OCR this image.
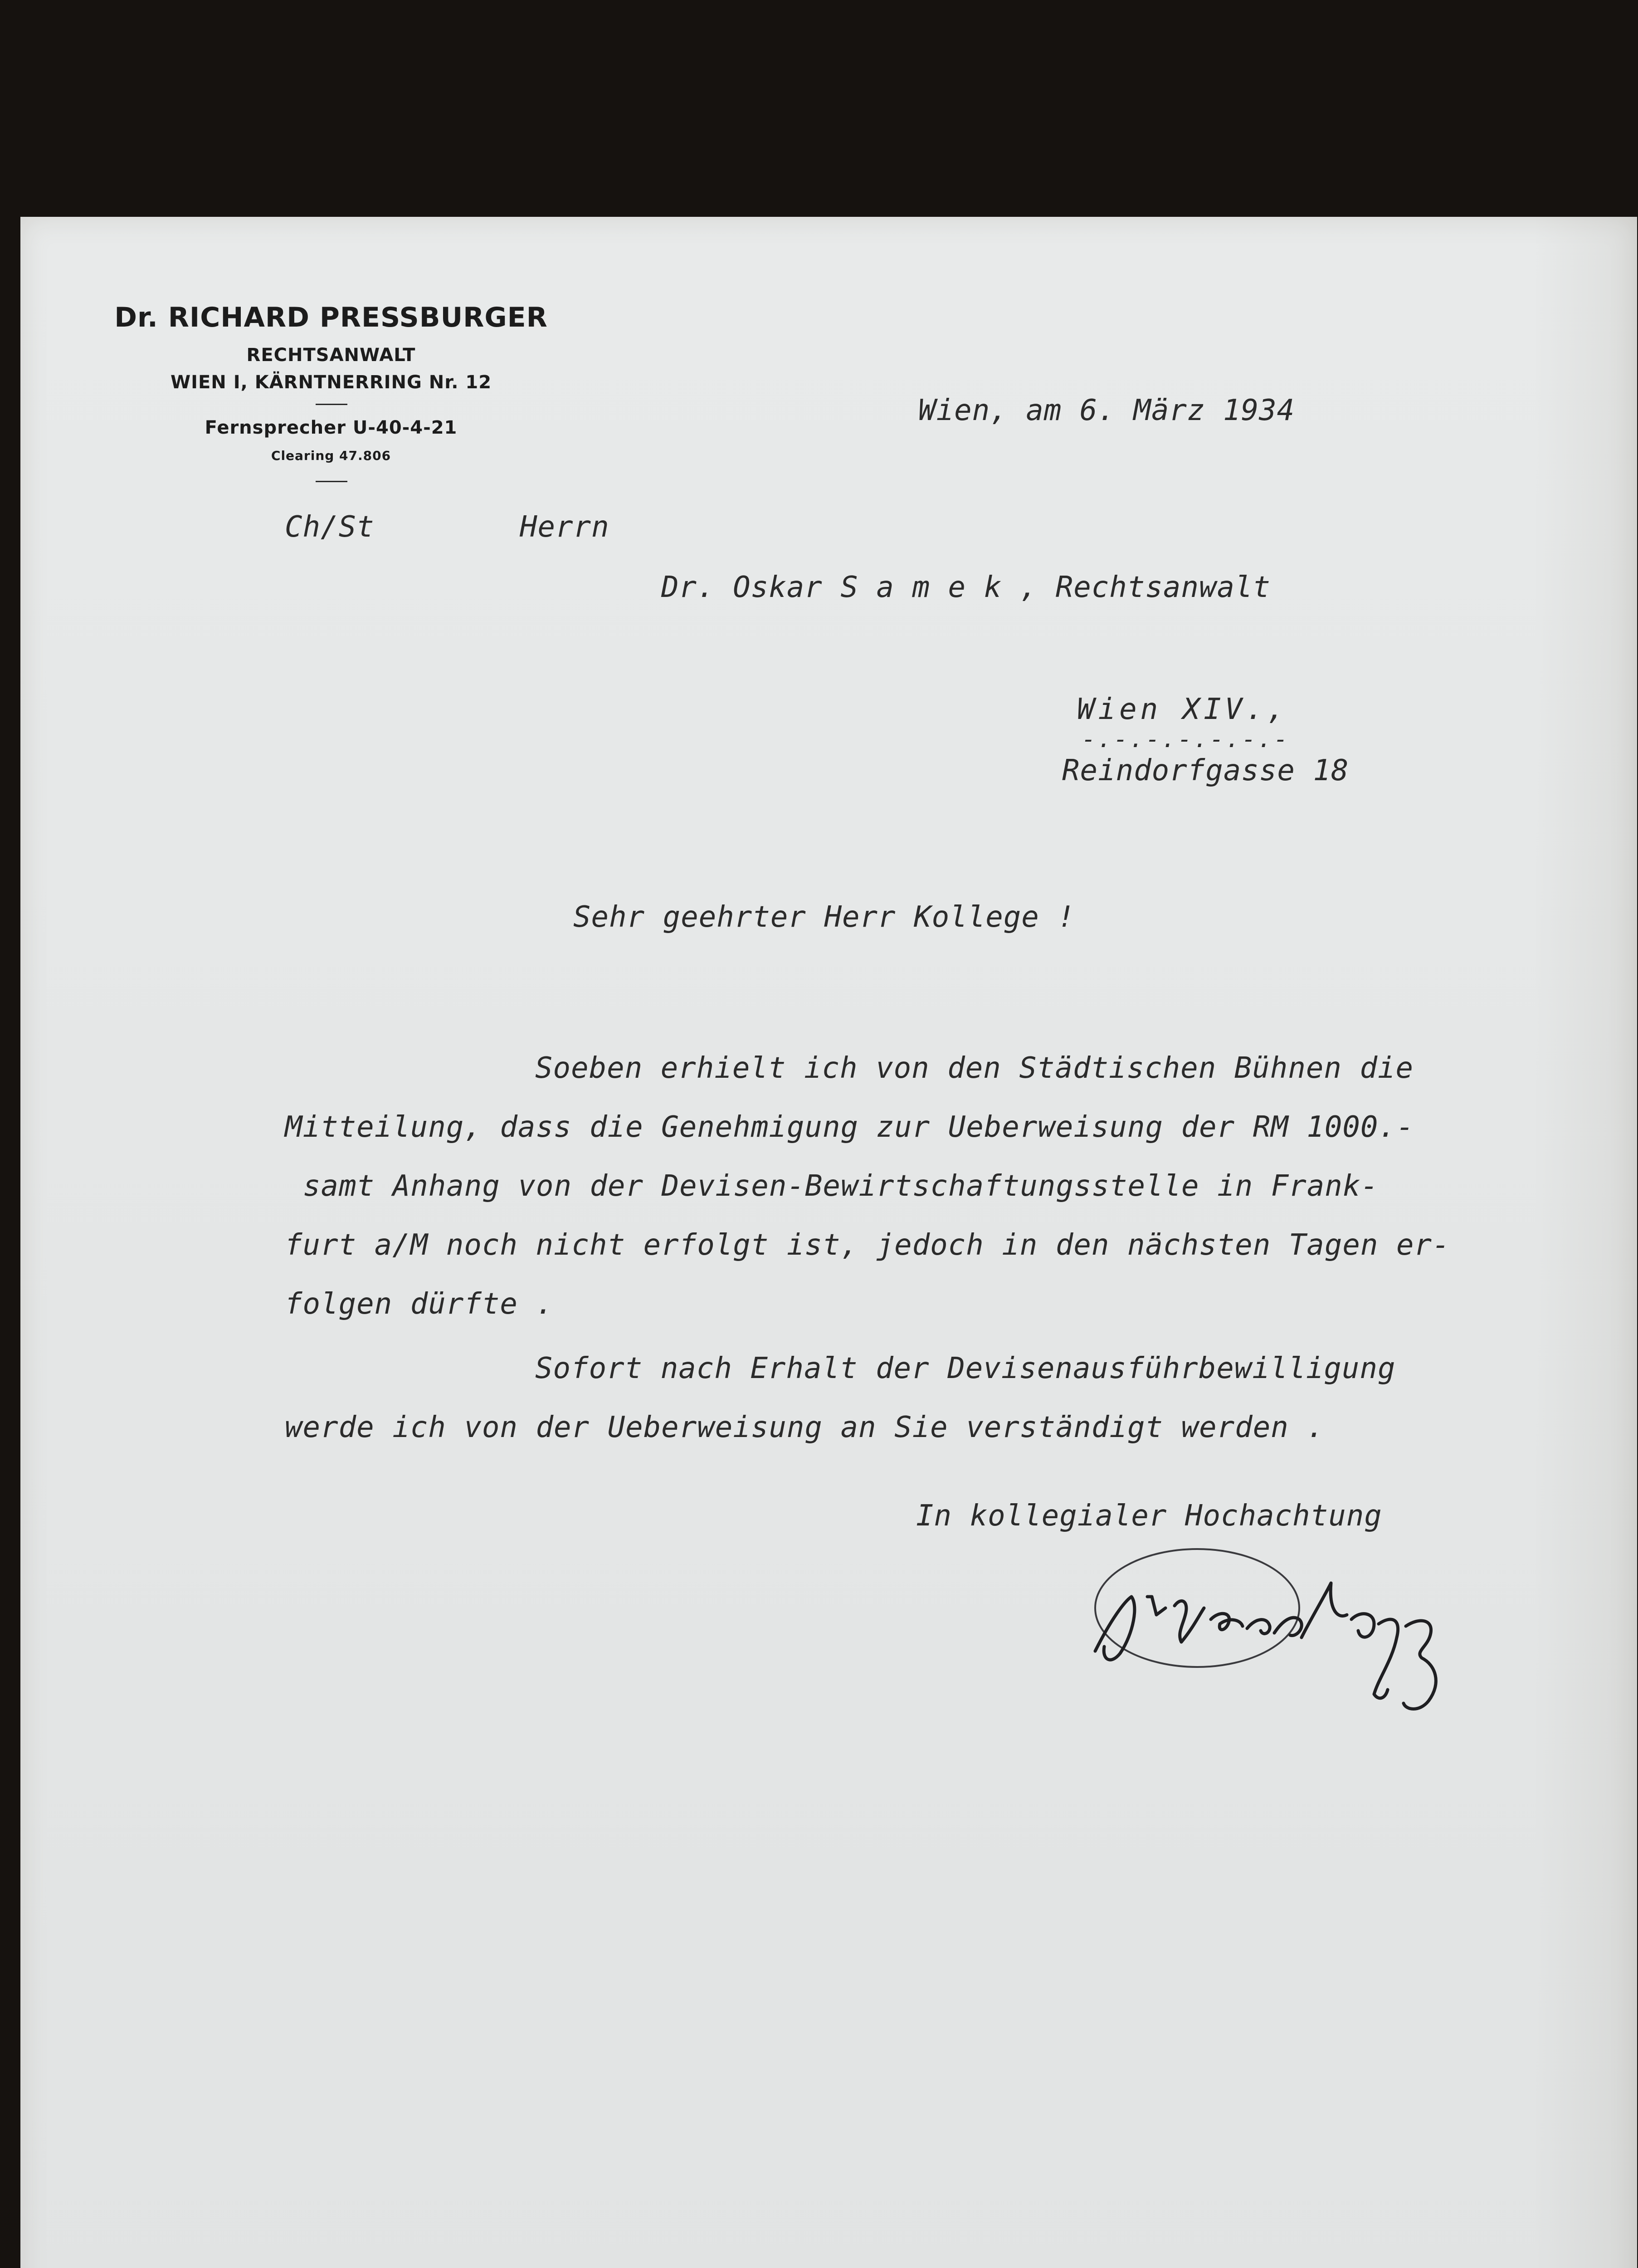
Dr. RICHARD PRESSBURGER
RECHTSANWALT
WIEN I, KÄRNTNERRING Nr. 12
Fernsprecher U-40-4-21
Clearing 47.806
Wien, am 6. März 1934
Ch/St	Herrn
Dr. Oskar S a m e k , Rechtsanwalt
Wien XIV.,
-.-.-.-.-.-.-
Reindorfgasse 18
Sehr geehrter Herr Kollege !
Soeben erhielt ich von den Städtischen Bühnen die
Mitteilung, dass die Genehmigung zur Ueberweisung der RM 1000.-
samt Anhang von der Devisen-Bewirtschaftungsstelle in Frank-
furt a/M noch nicht erfolgt ist, jedoch in den nächsten Tagen er-
folgen dürfte .
Sofort nach Erhalt der Devisenausführbewilligung
werde ich von der Ueberweisung an Sie verständigt werden .
In kollegialer Hochachtung
